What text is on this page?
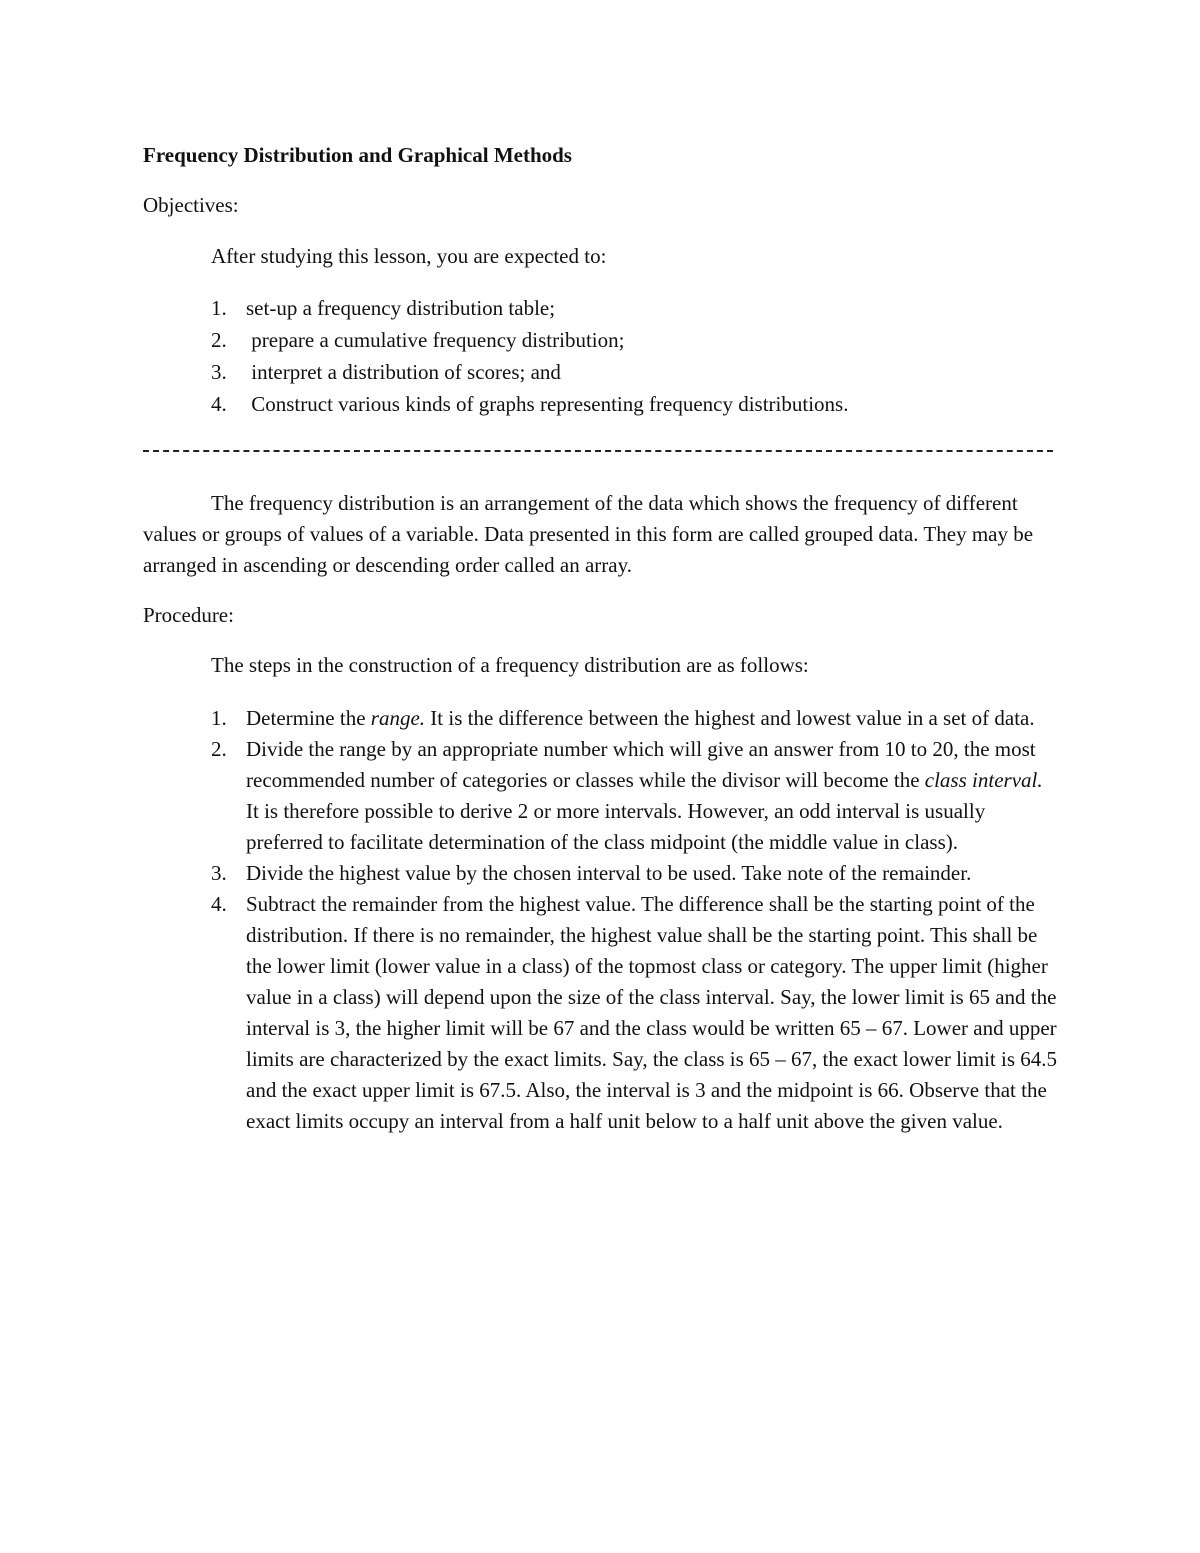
Frequency Distribution and Graphical Methods

Objectives:

After studying this lesson, you are expected to:

1. set-up a frequency distribution table;
2. prepare a cumulative frequency distribution;
3. interpret a distribution of scores; and
4. Construct various kinds of graphs representing frequency distributions.

The frequency distribution is an arrangement of the data which shows the frequency of different values or groups of values of a variable. Data presented in this form are called grouped data. They may be arranged in ascending or descending order called an array.

Procedure:

The steps in the construction of a frequency distribution are as follows:

1. Determine the range. It is the difference between the highest and lowest value in a set of data.
2. Divide the range by an appropriate number which will give an answer from 10 to 20, the most recommended number of categories or classes while the divisor will become the class interval. It is therefore possible to derive 2 or more intervals. However, an odd interval is usually preferred to facilitate determination of the class midpoint (the middle value in class).
3. Divide the highest value by the chosen interval to be used. Take note of the remainder.
4. Subtract the remainder from the highest value. The difference shall be the starting point of the distribution. If there is no remainder, the highest value shall be the starting point. This shall be the lower limit (lower value in a class) of the topmost class or category. The upper limit (higher value in a class) will depend upon the size of the class interval. Say, the lower limit is 65 and the interval is 3, the higher limit will be 67 and the class would be written 65 – 67. Lower and upper limits are characterized by the exact limits. Say, the class is 65 – 67, the exact lower limit is 64.5 and the exact upper limit is 67.5. Also, the interval is 3 and the midpoint is 66. Observe that the exact limits occupy an interval from a half unit below to a half unit above the given value.
